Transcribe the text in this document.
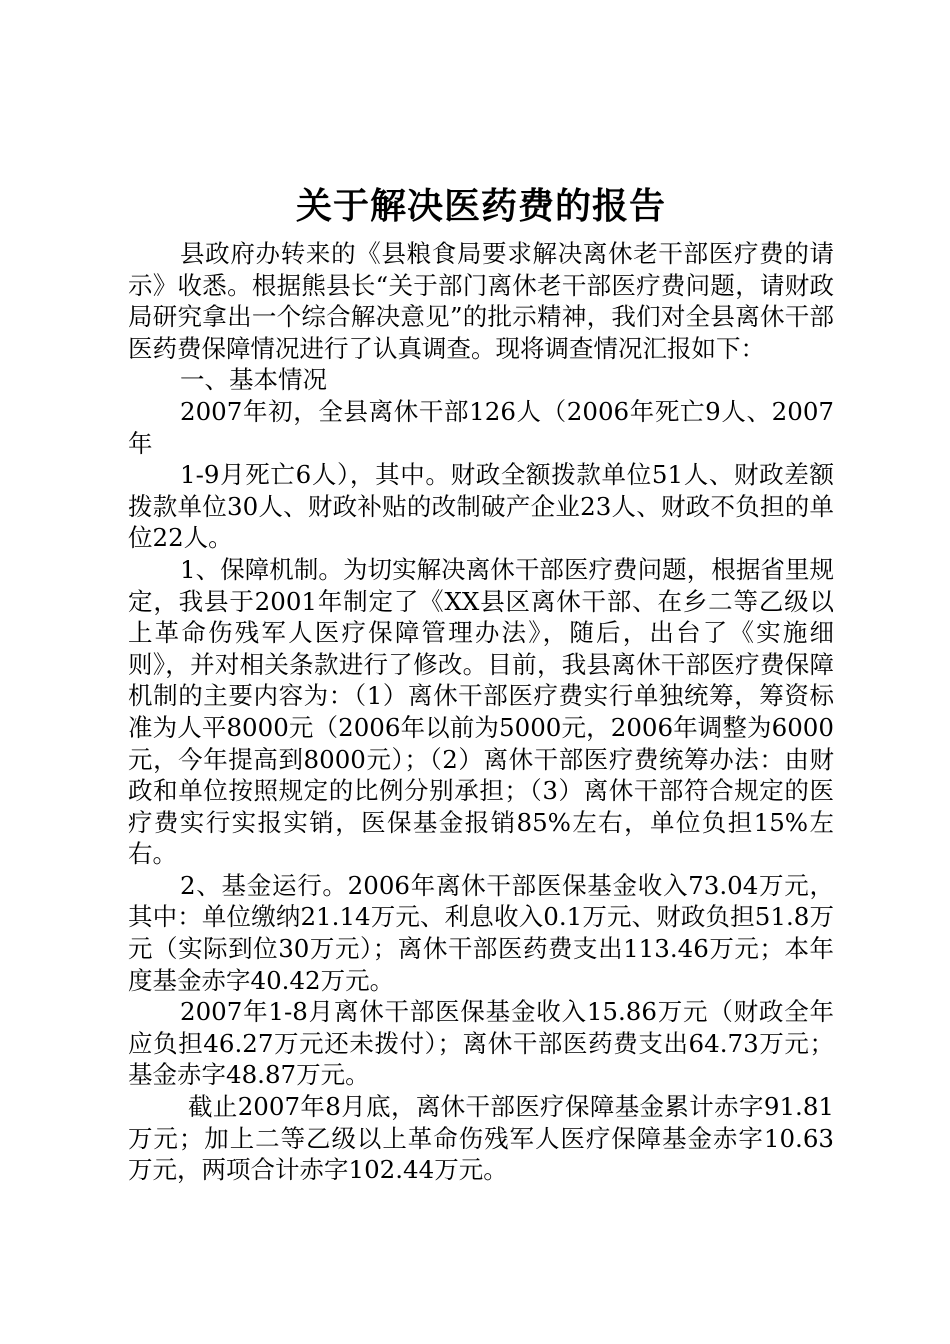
关于解决医药费的报告

县政府办转来的《县粮食局要求解决离休老干部医疗费的请示》收悉。根据熊县长“关于部门离休老干部医疗费问题，请财政局研究拿出一个综合解决意见”的批示精神，我们对全县离休干部医药费保障情况进行了认真调查。现将调查情况汇报如下：

一、基本情况

2007年初，全县离休干部126人（2006年死亡9人、2007年

1-9月死亡6人），其中。财政全额拨款单位51人、财政差额拨款单位30人、财政补贴的改制破产企业23人、财政不负担的单位22人。

1、保障机制。为切实解决离休干部医疗费问题，根据省里规定，我县于2001年制定了《XX县区离休干部、在乡二等乙级以上革命伤残军人医疗保障管理办法》，随后，出台了《实施细则》，并对相关条款进行了修改。目前，我县离休干部医疗费保障机制的主要内容为：（1）离休干部医疗费实行单独统筹，筹资标准为人平8000元（2006年以前为5000元，2006年调整为6000元，今年提高到8000元）；（2）离休干部医疗费统筹办法：由财政和单位按照规定的比例分别承担；（3）离休干部符合规定的医疗费实行实报实销，医保基金报销85%左右，单位负担15%左右。

2、基金运行。2006年离休干部医保基金收入73.04万元，其中：单位缴纳21.14万元、利息收入0.1万元、财政负担51.8万元（实际到位30万元）；离休干部医药费支出113.46万元；本年度基金赤字40.42万元。

2007年1-8月离休干部医保基金收入15.86万元（财政全年应负担46.27万元还未拨付）；离休干部医药费支出64.73万元；基金赤字48.87万元。

截止2007年8月底，离休干部医疗保障基金累计赤字91.81万元；加上二等乙级以上革命伤残军人医疗保障基金赤字10.63万元，两项合计赤字102.44万元。
